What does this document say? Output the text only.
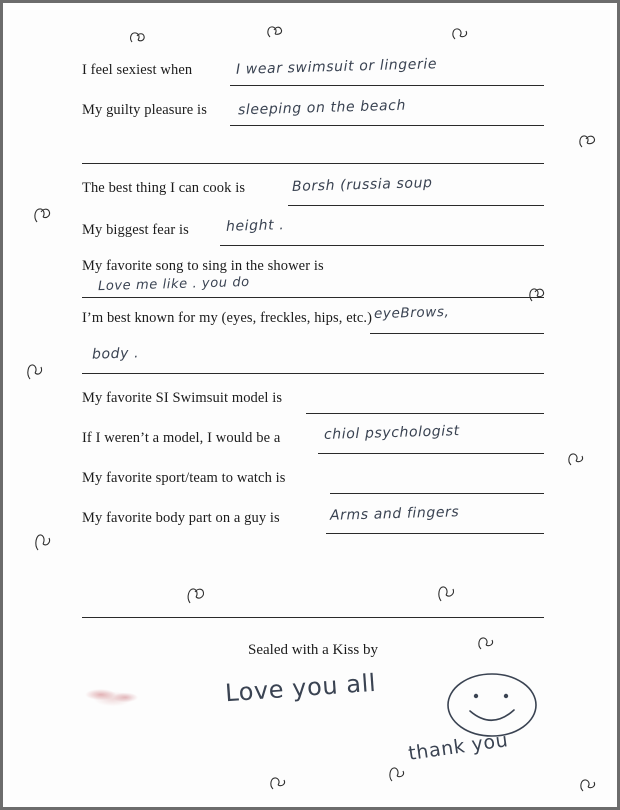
I feel sexiest when	I wear swimsuit or lingerie
My guilty pleasure is sleeping on the beach
The best thing I can cook is	Borsh (russia soup
My biggest fear is	height .
My favorite song to sing in the shower is
Love me like . you do
I’m best known for my (eyes, freckles, hips, etc.) eyeBrows,
body .
My favorite SI Swimsuit model is
If I weren’t a model, I would be a	chiol psychologist
My favorite sport/team to watch is
My favorite body part on a guy is	Arms and fingers
Sealed with a Kiss by
Love you all
thank you
